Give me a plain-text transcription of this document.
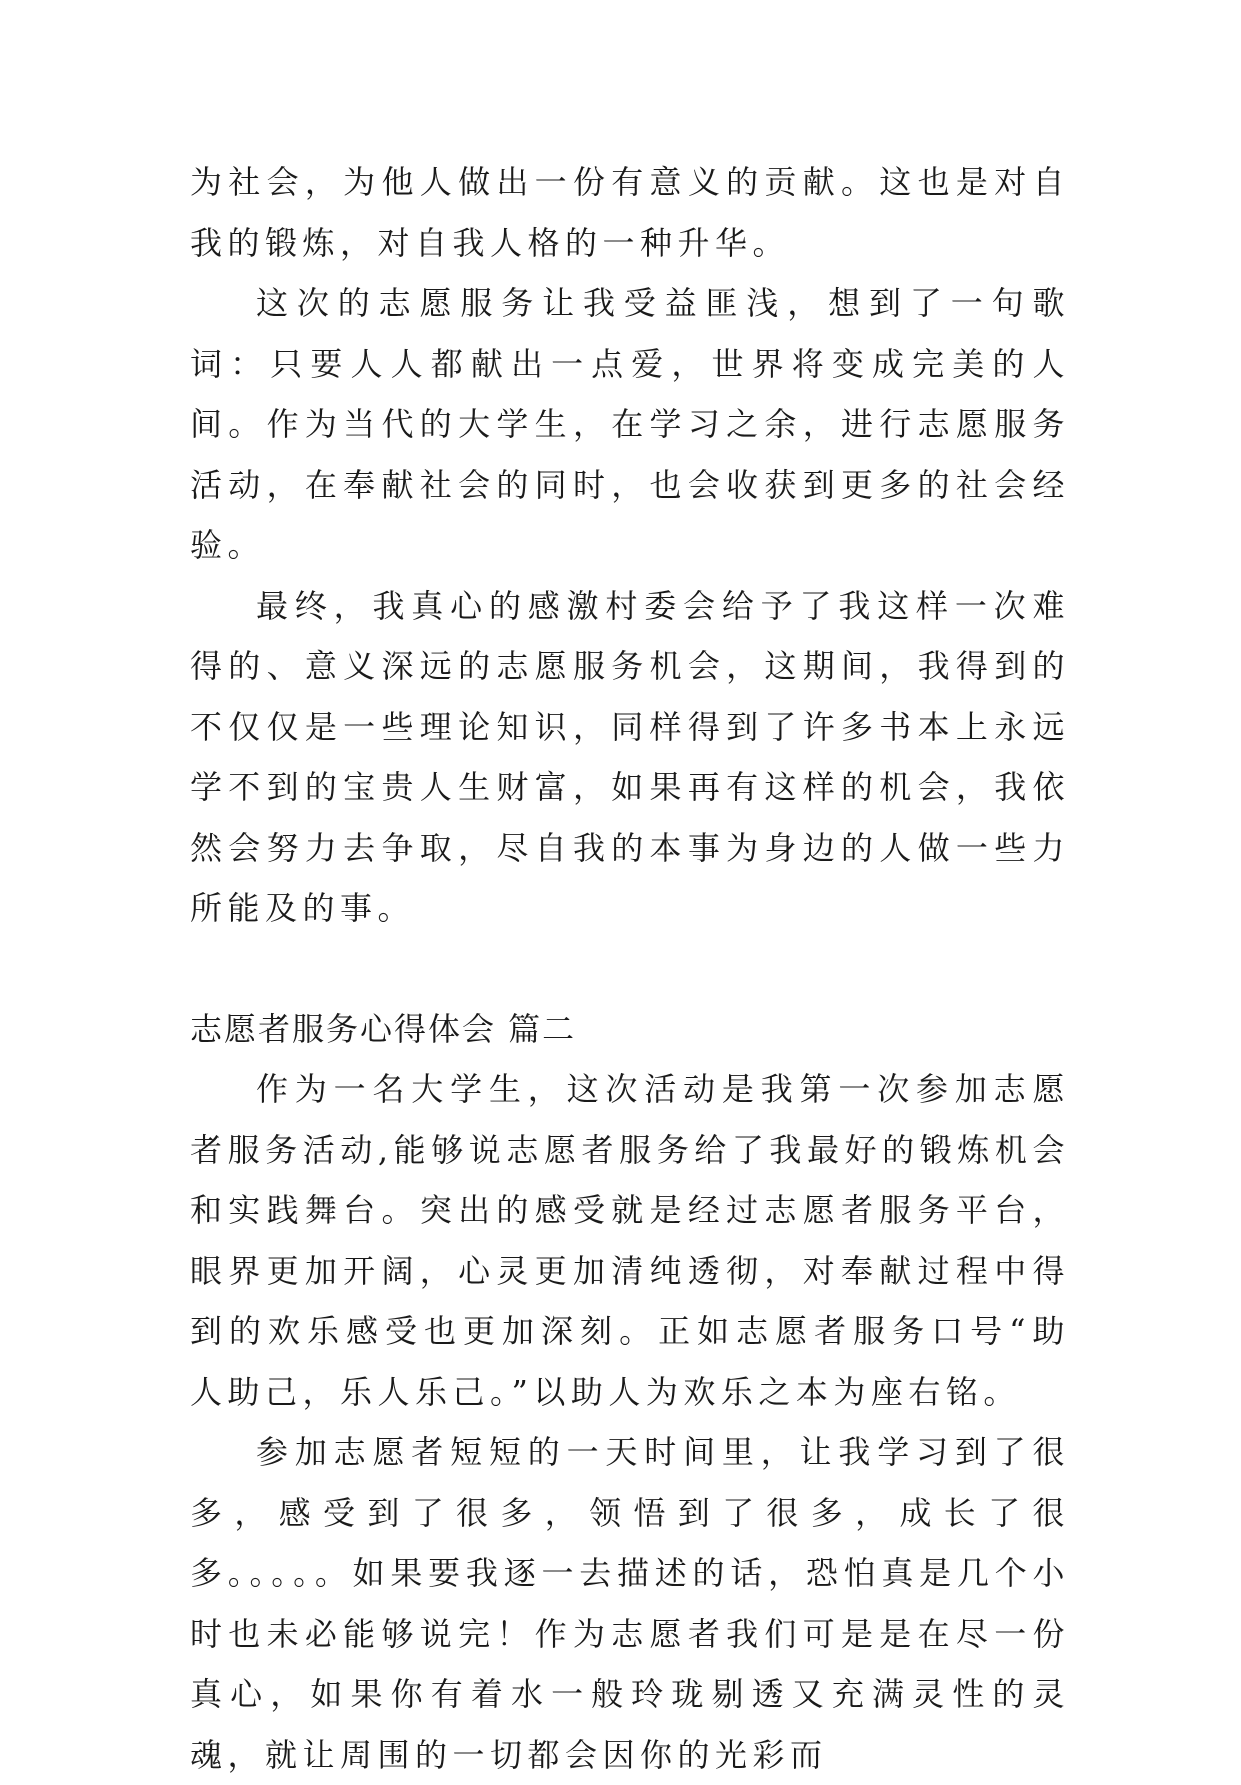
为社会，为他人做出一份有意义的贡献。这也是对自我的锻炼，对自我人格的一种升华。

这次的志愿服务让我受益匪浅，想到了一句歌词：只要人人都献出一点爱，世界将变成完美的人间。作为当代的大学生，在学习之余，进行志愿服务活动，在奉献社会的同时，也会收获到更多的社会经验。

最终，我真心的感激村委会给予了我这样一次难得的、意义深远的志愿服务机会，这期间，我得到的不仅仅是一些理论知识，同样得到了许多书本上永远学不到的宝贵人生财富，如果再有这样的机会，我依然会努力去争取，尽自我的本事为身边的人做一些力所能及的事。

志愿者服务心得体会 篇二

作为一名大学生，这次活动是我第一次参加志愿者服务活动,能够说志愿者服务给了我最好的锻炼机会和实践舞台。突出的感受就是经过志愿者服务平台，眼界更加开阔，心灵更加清纯透彻，对奉献过程中得到的欢乐感受也更加深刻。正如志愿者服务口号“助人助己，乐人乐己。”以助人为欢乐之本为座右铭。

参加志愿者短短的一天时间里，让我学习到了很多，感受到了很多，领悟到了很多，成长了很多。。。。。如果要我逐一去描述的话，恐怕真是几个小时也未必能够说完！作为志愿者我们可是是在尽一份真心，如果你有着水一般玲珑剔透又充满灵性的灵魂，就让周围的一切都会因你的光彩而
